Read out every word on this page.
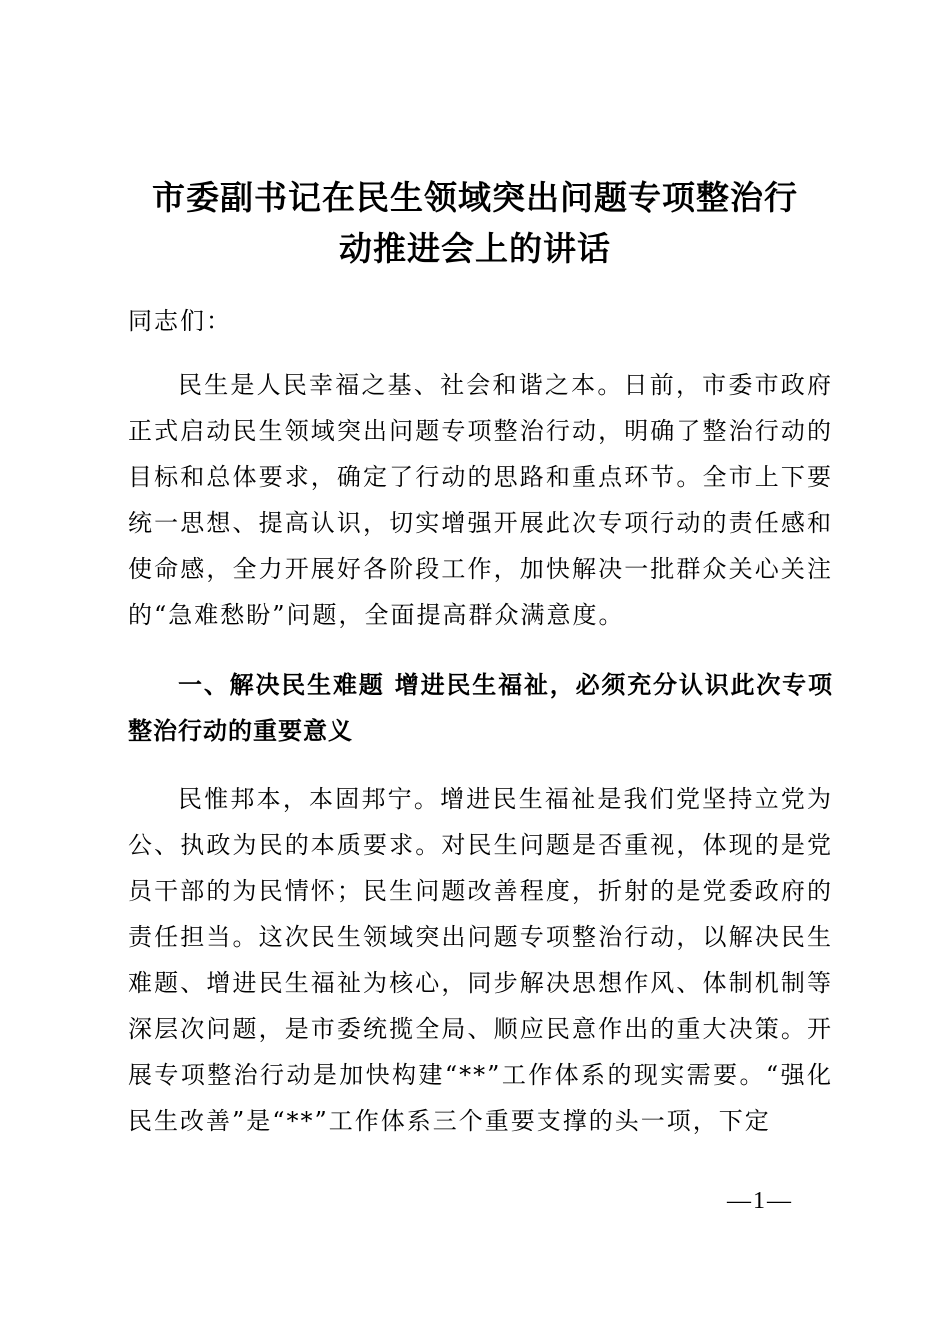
市委副书记在民生领域突出问题专项整治行
动推进会上的讲话

同志们：

民生是人民幸福之基、社会和谐之本。日前，市委市政府正式启动民生领域突出问题专项整治行动，明确了整治行动的目标和总体要求，确定了行动的思路和重点环节。全市上下要统一思想、提高认识，切实增强开展此次专项行动的责任感和使命感，全力开展好各阶段工作，加快解决一批群众关心关注的“急难愁盼”问题，全面提高群众满意度。

一、解决民生难题 增进民生福祉，必须充分认识此次专项整治行动的重要意义

民惟邦本，本固邦宁。增进民生福祉是我们党坚持立党为公、执政为民的本质要求。对民生问题是否重视，体现的是党员干部的为民情怀；民生问题改善程度，折射的是党委政府的责任担当。这次民生领域突出问题专项整治行动，以解决民生难题、增进民生福祉为核心，同步解决思想作风、体制机制等深层次问题，是市委统揽全局、顺应民意作出的重大决策。开展专项整治行动是加快构建“**”工作体系的现实需要。“强化民生改善”是“**”工作体系三个重要支撑的头一项，下定

—1—
